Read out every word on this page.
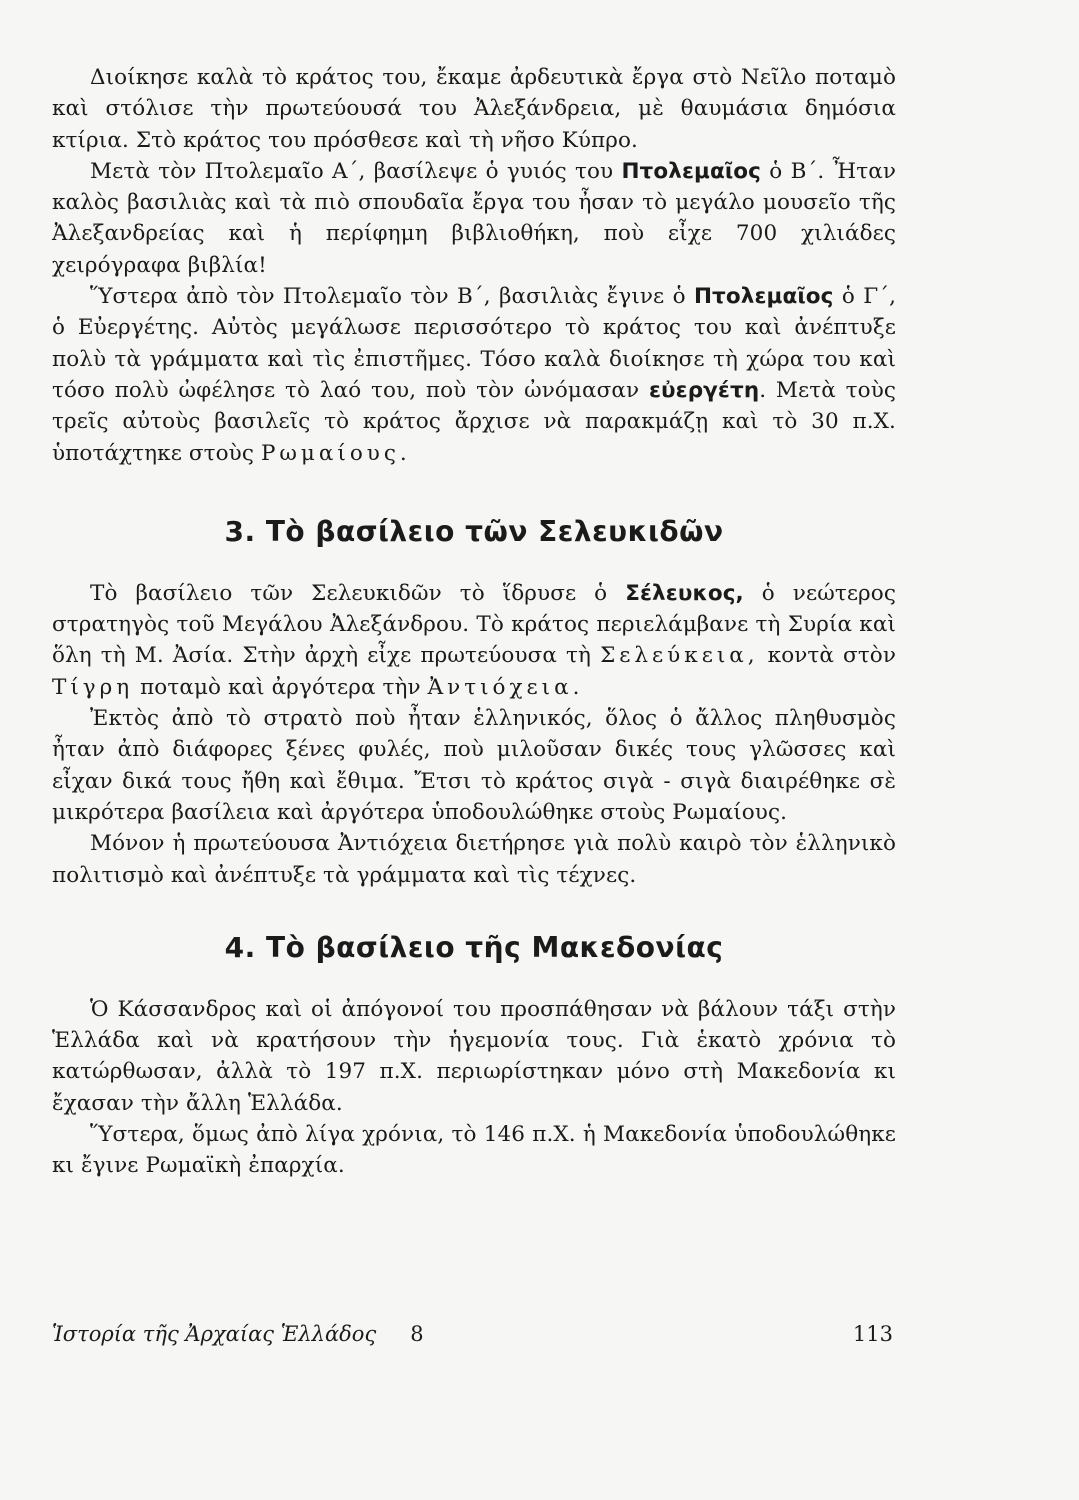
Διοίκησε καλὰ τὸ κράτος του, ἔκαμε ἀρδευτικὰ ἔργα στὸ Νεῖλο ποταμὸ καὶ στόλισε τὴν πρωτεύουσά του Ἀλεξάνδρεια, μὲ θαυμάσια δημόσια κτίρια. Στὸ κράτος του πρόσθεσε καὶ τὴ νῆσο Κύπρο.

Μετὰ τὸν Πτολεμαῖο Α΄, βασίλεψε ὁ γυιός του Πτολεμαῖος ὁ Β΄. Ἦταν καλὸς βασιλιὰς καὶ τὰ πιὸ σπουδαῖα ἔργα του ἦσαν τὸ μεγάλο μουσεῖο τῆς Ἀλεξανδρείας καὶ ἡ περίφημη βιβλιοθήκη, ποὺ εἶχε 700 χιλιάδες χειρόγραφα βιβλία!

Ὕστερα ἀπὸ τὸν Πτολεμαῖο τὸν Β΄, βασιλιὰς ἔγινε ὁ Πτολεμαῖος ὁ Γ΄, ὁ Εὐεργέτης. Αὐτὸς μεγάλωσε περισσότερο τὸ κράτος του καὶ ἀνέπτυξε πολὺ τὰ γράμματα καὶ τὶς ἐπιστῆμες. Τόσο καλὰ διοίκησε τὴ χώρα του καὶ τόσο πολὺ ὠφέλησε τὸ λαό του, ποὺ τὸν ὠνόμασαν εὐεργέτη. Μετὰ τοὺς τρεῖς αὐτοὺς βασιλεῖς τὸ κράτος ἄρχισε νὰ παρακμάζῃ καὶ τὸ 30 π.Χ. ὑποτάχτηκε στοὺς Ρωμαίους.

3. Τὸ βασίλειο τῶν Σελευκιδῶν

Τὸ βασίλειο τῶν Σελευκιδῶν τὸ ἵδρυσε ὁ Σέλευκος, ὁ νεώτερος στρατηγὸς τοῦ Μεγάλου Ἀλεξάνδρου. Τὸ κράτος περιελάμβανε τὴ Συρία καὶ ὅλη τὴ Μ. Ἀσία. Στὴν ἀρχὴ εἶχε πρωτεύουσα τὴ Σελεύκεια, κοντὰ στὸν Τίγρη ποταμὸ καὶ ἀργότερα τὴν Ἀντιόχεια.

Ἐκτὸς ἀπὸ τὸ στρατὸ ποὺ ἦταν ἑλληνικός, ὅλος ὁ ἄλλος πληθυσμὸς ἦταν ἀπὸ διάφορες ξένες φυλές, ποὺ μιλοῦσαν δικές τους γλῶσσες καὶ εἶχαν δικά τους ἤθη καὶ ἔθιμα. Ἔτσι τὸ κράτος σιγὰ - σιγὰ διαιρέθηκε σὲ μικρότερα βασίλεια καὶ ἀργότερα ὑποδουλώθηκε στοὺς Ρωμαίους.

Μόνον ἡ πρωτεύουσα Ἀντιόχεια διετήρησε γιὰ πολὺ καιρὸ τὸν ἑλληνικὸ πολιτισμὸ καὶ ἀνέπτυξε τὰ γράμματα καὶ τὶς τέχνες.

4. Τὸ βασίλειο τῆς Μακεδονίας

Ὁ Κάσσανδρος καὶ οἱ ἀπόγονοί του προσπάθησαν νὰ βάλουν τάξι στὴν Ἑλλάδα καὶ νὰ κρατήσουν τὴν ἡγεμονία τους. Γιὰ ἑκατὸ χρόνια τὸ κατώρθωσαν, ἀλλὰ τὸ 197 π.Χ. περιωρίστηκαν μόνο στὴ Μακεδονία κι ἔχασαν τὴν ἄλλη Ἑλλάδα.

Ὕστερα, ὅμως ἀπὸ λίγα χρόνια, τὸ 146 π.Χ. ἡ Μακεδονία ὑποδουλώθηκε κι ἔγινε Ρωμαϊκὴ ἐπαρχία.

Ἱστορία τῆς Ἀρχαίας Ἑλλάδος 8	113
